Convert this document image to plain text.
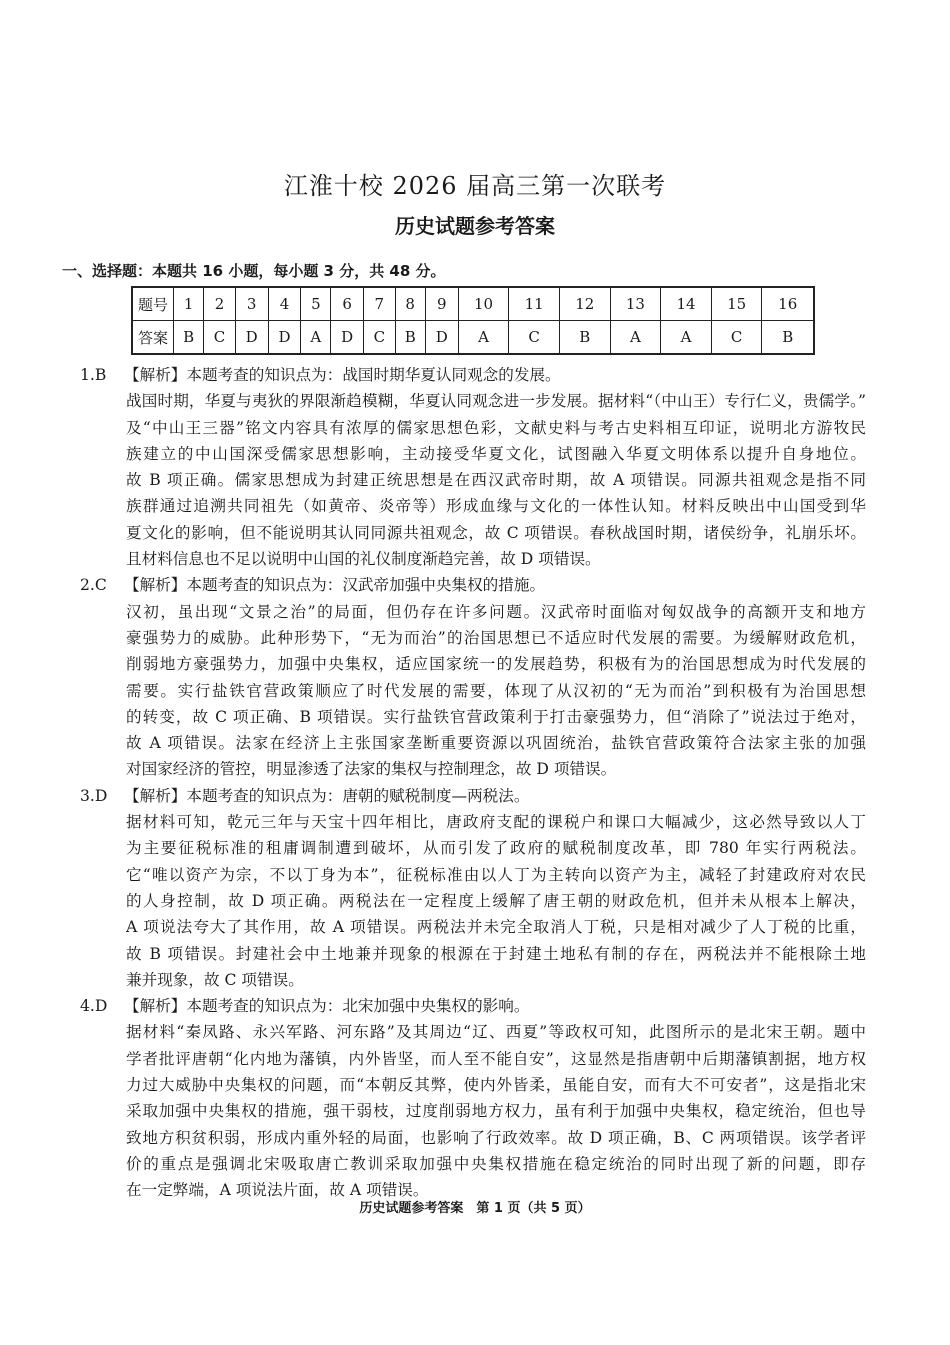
江淮十校 2026 届高三第一次联考
历史试题参考答案
一、选择题：本题共 16 小题，每小题 3 分，共 48 分。
题号	1	2	3	4	5	6	7	8	9	10	11	12	13	14	15	16
答案	B	C	D	D	A	D	C	B	D	A	C	B	A	A	C	B
1.B 【解析】本题考查的知识点为：战国时期华夏认同观念的发展。
战国时期，华夏与夷狄的界限渐趋模糊，华夏认同观念进一步发展。据材料“（中山王）专行仁义，贵儒学。”
及“中山王三器”铭文内容具有浓厚的儒家思想色彩，文献史料与考古史料相互印证，说明北方游牧民
族建立的中山国深受儒家思想影响，主动接受华夏文化，试图融入华夏文明体系以提升自身地位。
故 B 项正确。儒家思想成为封建正统思想是在西汉武帝时期，故 A 项错误。同源共祖观念是指不同
族群通过追溯共同祖先（如黄帝、炎帝等）形成血缘与文化的一体性认知。材料反映出中山国受到华
夏文化的影响，但不能说明其认同同源共祖观念，故 C 项错误。春秋战国时期，诸侯纷争，礼崩乐坏。
且材料信息也不足以说明中山国的礼仪制度渐趋完善，故 D 项错误。
2.C 【解析】本题考查的知识点为：汉武帝加强中央集权的措施。
汉初，虽出现“文景之治”的局面，但仍存在许多问题。汉武帝时面临对匈奴战争的高额开支和地方
豪强势力的威胁。此种形势下，“无为而治”的治国思想已不适应时代发展的需要。为缓解财政危机，
削弱地方豪强势力，加强中央集权，适应国家统一的发展趋势，积极有为的治国思想成为时代发展的
需要。实行盐铁官营政策顺应了时代发展的需要，体现了从汉初的“无为而治”到积极有为治国思想
的转变，故 C 项正确、B 项错误。实行盐铁官营政策利于打击豪强势力，但“消除了”说法过于绝对，
故 A 项错误。法家在经济上主张国家垄断重要资源以巩固统治，盐铁官营政策符合法家主张的加强
对国家经济的管控，明显渗透了法家的集权与控制理念，故 D 项错误。
3.D 【解析】本题考查的知识点为：唐朝的赋税制度—两税法。
据材料可知，乾元三年与天宝十四年相比，唐政府支配的课税户和课口大幅减少，这必然导致以人丁
为主要征税标准的租庸调制遭到破坏，从而引发了政府的赋税制度改革，即 780 年实行两税法。
它“唯以资产为宗，不以丁身为本”，征税标准由以人丁为主转向以资产为主，减轻了封建政府对农民
的人身控制，故 D 项正确。两税法在一定程度上缓解了唐王朝的财政危机，但并未从根本上解决，
A 项说法夸大了其作用，故 A 项错误。两税法并未完全取消人丁税，只是相对减少了人丁税的比重，
故 B 项错误。封建社会中土地兼并现象的根源在于封建土地私有制的存在，两税法并不能根除土地
兼并现象，故 C 项错误。
4.D 【解析】本题考查的知识点为：北宋加强中央集权的影响。
据材料“秦凤路、永兴军路、河东路”及其周边“辽、西夏”等政权可知，此图所示的是北宋王朝。题中
学者批评唐朝“化内地为藩镇，内外皆坚，而人至不能自安”，这显然是指唐朝中后期藩镇割据，地方权
力过大威胁中央集权的问题，而“本朝反其弊，使内外皆柔，虽能自安，而有大不可安者”，这是指北宋
采取加强中央集权的措施，强干弱枝，过度削弱地方权力，虽有利于加强中央集权，稳定统治，但也导
致地方积贫积弱，形成内重外轻的局面，也影响了行政效率。故 D 项正确，B、C 两项错误。该学者评
价的重点是强调北宋吸取唐亡教训采取加强中央集权措施在稳定统治的同时出现了新的问题，即存
在一定弊端，A 项说法片面，故 A 项错误。
历史试题参考答案　第 1 页（共 5 页）
